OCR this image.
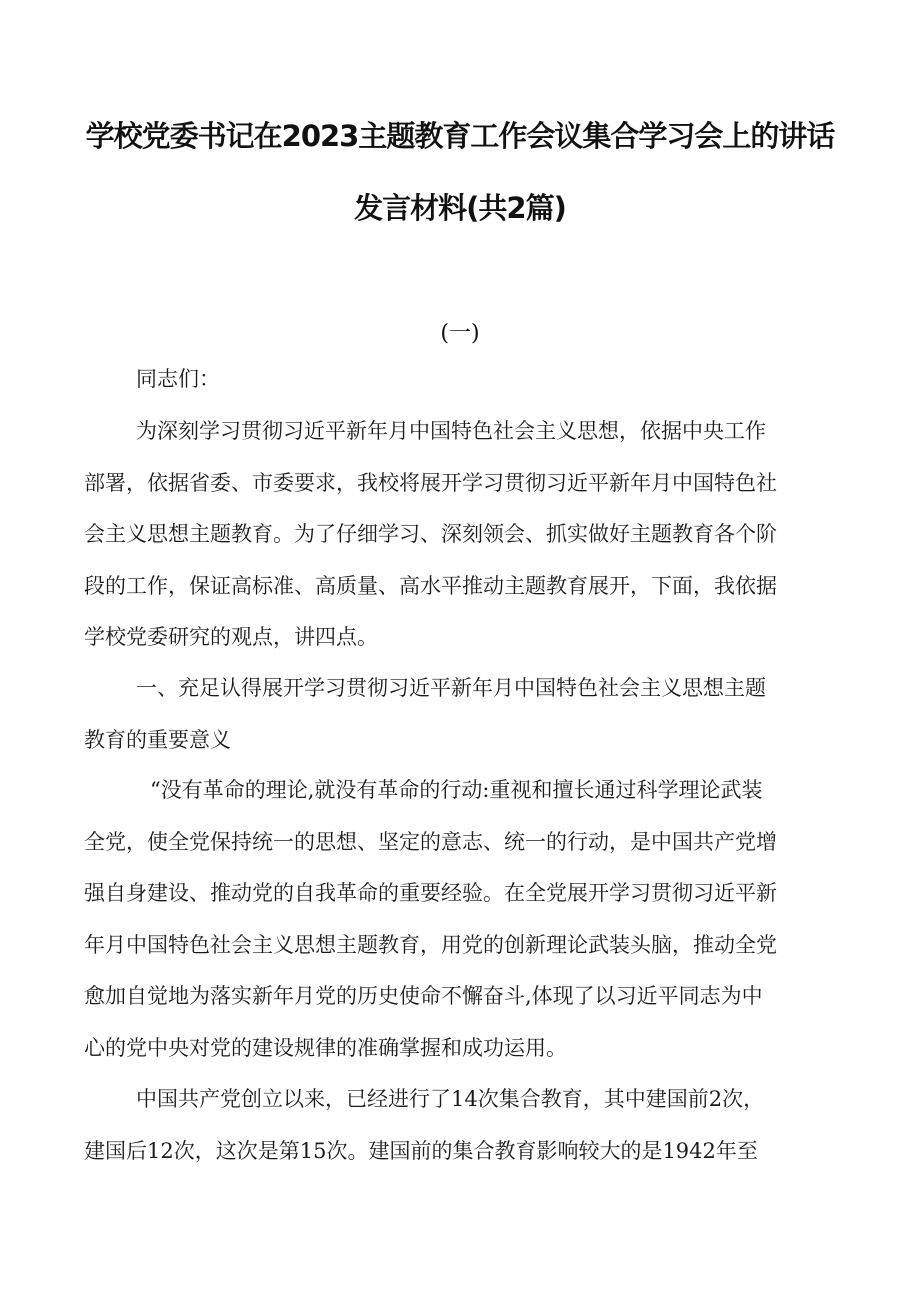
学校党委书记在2023主题教育工作会议集合学习会上的讲话
发言材料(共2篇)
(一)
同志们：
为深刻学习贯彻习近平新年月中国特色社会主义思想，依据中央工作
部署，依据省委、市委要求，我校将展开学习贯彻习近平新年月中国特色社
会主义思想主题教育。为了仔细学习、深刻领会、抓实做好主题教育各个阶
段的工作，保证高标准、高质量、高水平推动主题教育展开，下面，我依据
学校党委研究的观点，讲四点。
一、充足认得展开学习贯彻习近平新年月中国特色社会主义思想主题
教育的重要意义
“没有革命的理论,就没有革命的行动:重视和擅长通过科学理论武装
全党，使全党保持统一的思想、坚定的意志、统一的行动，是中国共产党增
强自身建设、推动党的自我革命的重要经验。在全党展开学习贯彻习近平新
年月中国特色社会主义思想主题教育，用党的创新理论武装头脑，推动全党
愈加自觉地为落实新年月党的历史使命不懈奋斗,体现了以习近平同志为中
心的党中央对党的建设规律的准确掌握和成功运用。
中国共产党创立以来，已经进行了14次集合教育，其中建国前2次，
建国后12次，这次是第15次。建国前的集合教育影响较大的是1942年至
